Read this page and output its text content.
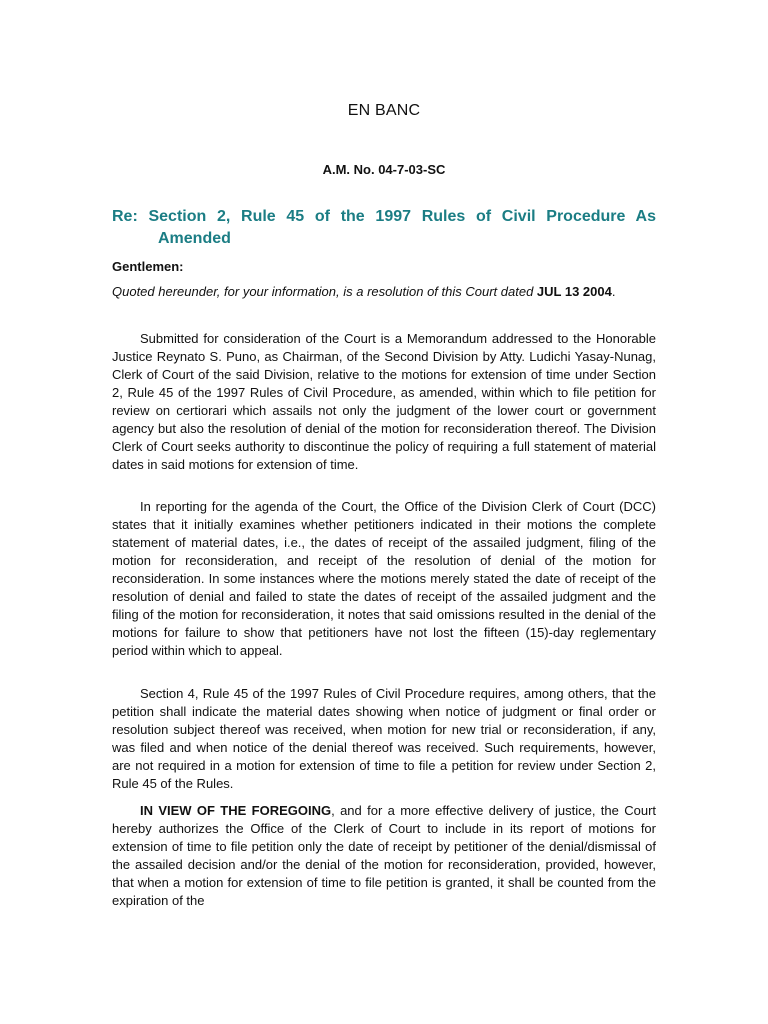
EN BANC
A.M. No. 04-7-03-SC
Re: Section 2, Rule 45 of the 1997 Rules of Civil Procedure As
Amended
Gentlemen:
Quoted hereunder, for your information, is a resolution of this Court dated JUL 13 2004.

Submitted for consideration of the Court is a Memorandum addressed to the Honorable Justice Reynato S. Puno, as Chairman, of the Second Division by Atty. Ludichi Yasay-Nunag, Clerk of Court of the said Division, relative to the motions for extension of time under Section 2, Rule 45 of the 1997 Rules of Civil Procedure, as amended, within which to file petition for review on certiorari which assails not only the judgment of the lower court or government agency but also the resolution of denial of the motion for reconsideration thereof. The Division Clerk of Court seeks authority to discontinue the policy of requiring a full statement of material dates in said motions for extension of time.

In reporting for the agenda of the Court, the Office of the Division Clerk of Court (DCC) states that it initially examines whether petitioners indicated in their motions the complete statement of material dates, i.e., the dates of receipt of the assailed judgment, filing of the motion for reconsideration, and receipt of the resolution of denial of the motion for reconsideration. In some instances where the motions merely stated the date of receipt of the resolution of denial and failed to state the dates of receipt of the assailed judgment and the filing of the motion for reconsideration, it notes that said omissions resulted in the denial of the motions for failure to show that petitioners have not lost the fifteen (15)-day reglementary period within which to appeal.

Section 4, Rule 45 of the 1997 Rules of Civil Procedure requires, among others, that the petition shall indicate the material dates showing when notice of judgment or final order or resolution subject thereof was received, when motion for new trial or reconsideration, if any, was filed and when notice of the denial thereof was received. Such requirements, however, are not required in a motion for extension of time to file a petition for review under Section 2, Rule 45 of the Rules.

IN VIEW OF THE FOREGOING, and for a more effective delivery of justice, the Court hereby authorizes the Office of the Clerk of Court to include in its report of motions for extension of time to file petition only the date of receipt by petitioner of the denial/dismissal of the assailed decision and/or the denial of the motion for reconsideration, provided, however, that when a motion for extension of time to file petition is granted, it shall be counted from the expiration of the
